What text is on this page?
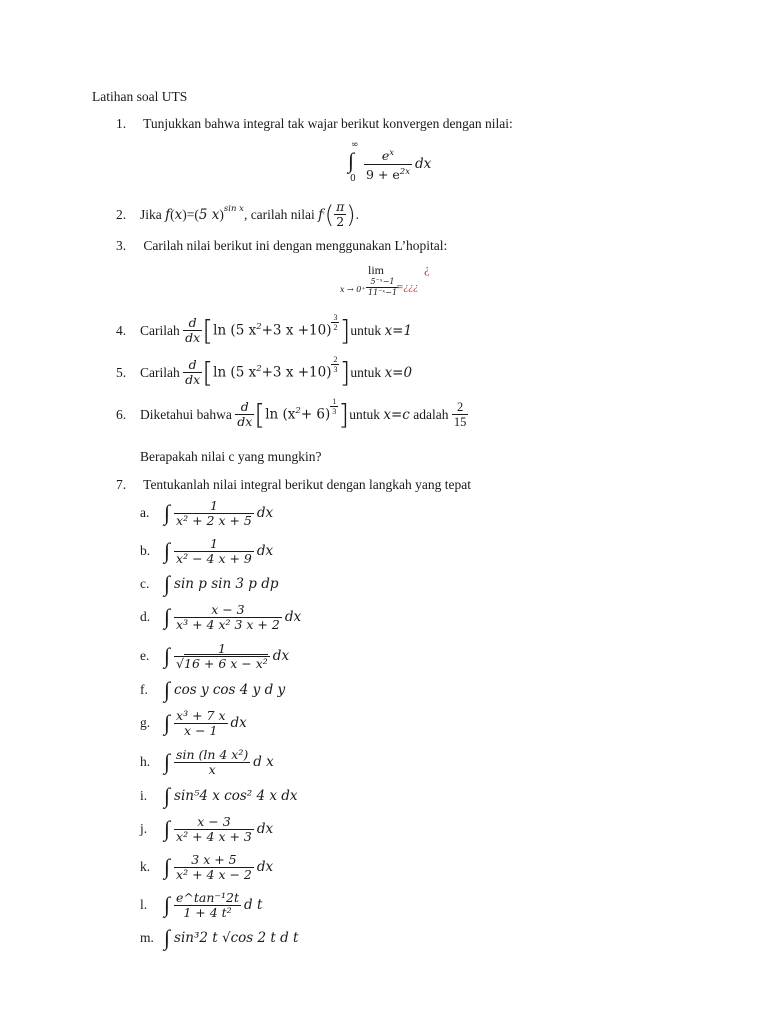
Latihan soal UTS
1. Tunjukkan bahwa integral tak wajar berikut konvergen dengan nilai:
∞
∫
$0 \frac{e^x}{9 + e^{2x}}$ dx
2.	Jika
f ( x ) = ( 5 x )$^{sin x}$ , carilah nilai
f ' ( $\frac{\pi}{2}$ ) .
3. Carilah nilai berikut ini dengan menggunakan L’hopital:
lim
$x \to 0^+ \frac{\text{5⁻ˣ−1}}{\text{11⁻ˣ−1}}$
=¿¿¿
¿
4.	Carilah
$\frac{d}{dx}$ [ ln (5 $x^2+3$ $x +10) \frac{3}{2}$ ] untuk
x=1
5.	Carilah
$\frac{d}{dx}$ [ ln (5 $x^2+3$ $x +10) \frac{2}{3}$ ] untuk
x=0
6.	Diketahui bahwa
$\frac{d}{dx}$ [ $\ln (x^2+ 6) \frac{1}{3}$ ] untuk
x=c
adalah
$\frac{2}{15}$
Berapakah nilai c yang mungkin?
7. Tentukanlah nilai integral berikut dengan langkah yang tepat
a. ∫ $\frac{1}{\text{x² + 2 x + 5}}$ dx
b. ∫ $\frac{1}{\text{x² − 4 x + 9}}$ dx
c. ∫ sin p sin 3 p dp
d. ∫ $\frac{x - 3}{\text{x³ + 4 x² 3 x + 2}}$ dx
e. ∫ $\frac{1}{\text{√16 + 6 x − x²}}$ dx
f. ∫ cos y cos 4 y d y
g. ∫ $\frac{\text{x³ + 7 x}}{x - 1}$ dx
h. ∫ $\frac{\text{sin (ln 4 x²)}}{x}$ d x
i. ∫ sin⁵4 x cos² 4 x dx
j. ∫ $\frac{x - 3}{\text{x² + 4 x + 3}}$ dx
k. ∫ $\frac{3 x + 5}{\text{x² + 4 x − 2}}$ dx
l. ∫ $\frac{\text{e\textasciicircum{}tan⁻¹2t}}{\text{1 + 4 t²}}$ d t
m. ∫ sin³2 t √cos 2 t d t
